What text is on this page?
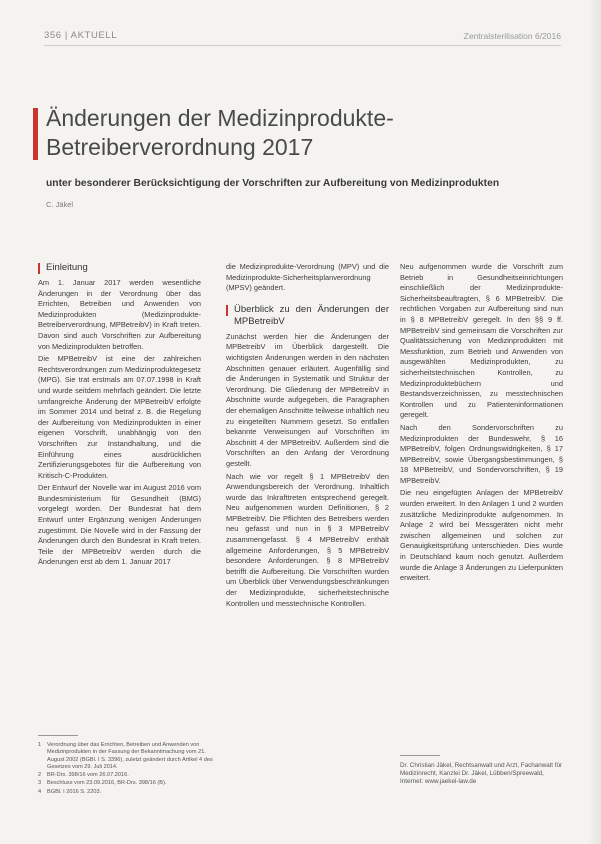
356 | AKTUELL	Zentralsterilisation 6/2016
Änderungen der Medizinprodukte-Betreiberverordnung 2017

unter besonderer Berücksichtigung der Vorschriften zur Aufbereitung von Medizinprodukten

C. Jäkel
Einleitung

Am 1. Januar 2017 werden wesentliche Änderungen in der Verordnung über das Errichten, Betreiben und Anwenden von Medizinprodukten (Medizinprodukte-Betreiberverordnung, MPBetreibV) in Kraft treten. Davon sind auch Vorschriften zur Aufbereitung von Medizinprodukten betroffen.

Die MPBetreibV ist eine der zahlreichen Rechtsverordnungen zum Medizinproduktegesetz (MPG). Sie trat erstmals am 07.07.1998 in Kraft und wurde seitdem mehrfach geändert. Die letzte umfangreiche Änderung der MPBetreibV erfolgte im Sommer 2014 und betraf z. B. die Regelung der Aufbereitung von Medizinprodukten in einer eigenen Vorschrift, unabhängig von den Vorschriften zur Instandhaltung, und die Einführung eines ausdrücklichen Zertifizierungsgebotes für die Aufbereitung von Kritisch-C-Produkten.

Der Entwurf der Novelle war im August 2016 vom Bundesministerium für Gesundheit (BMG) vorgelegt worden. Der Bundesrat hat dem Entwurf unter Ergänzung wenigen Änderungen zugestimmt. Die Novelle wird in der Fassung der Änderungen durch den Bundesrat in Kraft treten. Teile der MPBetreibV werden durch die Änderungen erst ab dem 1. Januar 2017

die Medizinprodukte-Verordnung (MPV) und die Medizinprodukte-Sicherheitsplanverordnung (MPSV) geändert.

Überblick zu den Änderungen der MPBetreibV

Zunächst werden hier die Änderungen der MPBetreibV im Überblick dargestellt. Die wichtigsten Änderungen werden in den nächsten Abschnitten genauer erläutert. Augenfällig sind die Änderungen in Systematik und Struktur der Verordnung. Die Gliederung der MPBetreibV in Abschnitte wurde aufgegeben, die Paragraphen der ehemaligen Anschnitte teilweise inhaltlich neu zu eingeteilten Nummern gesetzt. So entfallen bekannte Verweisungen auf Vorschriften im Abschnitt 4 der MPBetreibV. Außerdem sind die Vorschriften an den Anfang der Verordnung gestellt.

Nach wie vor regelt § 1 MPBetreibV den Anwendungsbereich der Verordnung. Inhaltlich wurde das Inkrafttreten entsprechend geregelt. Neu aufgenommen wurden Definitionen, § 2 MPBetreibV. Die Pflichten des Betreibers werden neu gefasst und nun in § 3 MPBetreibV zusammengefasst. § 4 MPBetreibV enthält allgemeine Anforderungen, § 5 MPBetreibV besondere Anforderungen. § 8 MPBetreibV betrifft die Aufbereitung. Die Vorschriften wurden um Überblick über Verwendungsbeschränkungen der Medizinprodukte, sicherheitstechnische Kontrollen und messtechnische Kontrollen.

Neu aufgenommen wurde die Vorschrift zum Betrieb in Gesundheitseinrichtungen einschließlich der Medizinprodukte-Sicherheitsbeauftragten, § 6 MPBetreibV. Die rechtlichen Vorgaben zur Aufbereitung sind nun in § 8 MPBetreibV geregelt. In den §§ 9 ff. MPBetreibV sind gemeinsam die Vorschriften zur Qualitätssicherung von Medizinprodukten mit Messfunktion, zum Betrieb und Anwenden von ausgewählten Medizinprodukten, zu sicherheitstechnischen Kontrollen, zu Medizinproduktebüchern und Bestandsverzeichnissen, zu messtechnischen Kontrollen und zu Patienteninformationen geregelt.

Nach den Sondervorschriften zu Medizinprodukten der Bundeswehr, § 16 MPBetreibV, folgen Ordnungswidrigkeiten, § 17 MPBetreibV, sowie Übergangsbestimmungen, § 18 MPBetreibV, und Sondervorschriften, § 19 MPBetreibV.

Die neu eingefügten Anlagen der MPBetreibV wurden erweitert. In den Anlagen 1 und 2 wurden zusätzliche Medizinprodukte aufgenommen. In Anlage 2 wird bei Messgeräten nicht mehr zwischen allgemeinen und solchen zur Genauigkeitsprüfung unterschieden. Dies wurde in Deutschland kaum noch genutzt. Außerdem wurde die Anlage 3 Änderungen zu Lieferpunkten erweitert.

1	Verordnung über das Errichten, Betreiben und Anwenden von Medizinprodukten in der Fassung der Bekanntmachung vom 21. August 2002 (BGBl. I S. 3396), zuletzt geändert durch Artikel 4 des Gesetzes vom 29. Juli 2014.
2	BR-Drs. 398/16 vom 26.07.2016.
3	Beschluss vom 23.09.2016, BR-Drs. 398/16 (B).
4	BGBl. I 2016 S. 2203.
Dr. Christian Jäkel, Rechtsanwalt und Arzt, Fachanwalt für Medizinrecht, Kanzlei Dr. Jäkel, Lübben/Spreewald, Internet: www.jaekel-law.de
